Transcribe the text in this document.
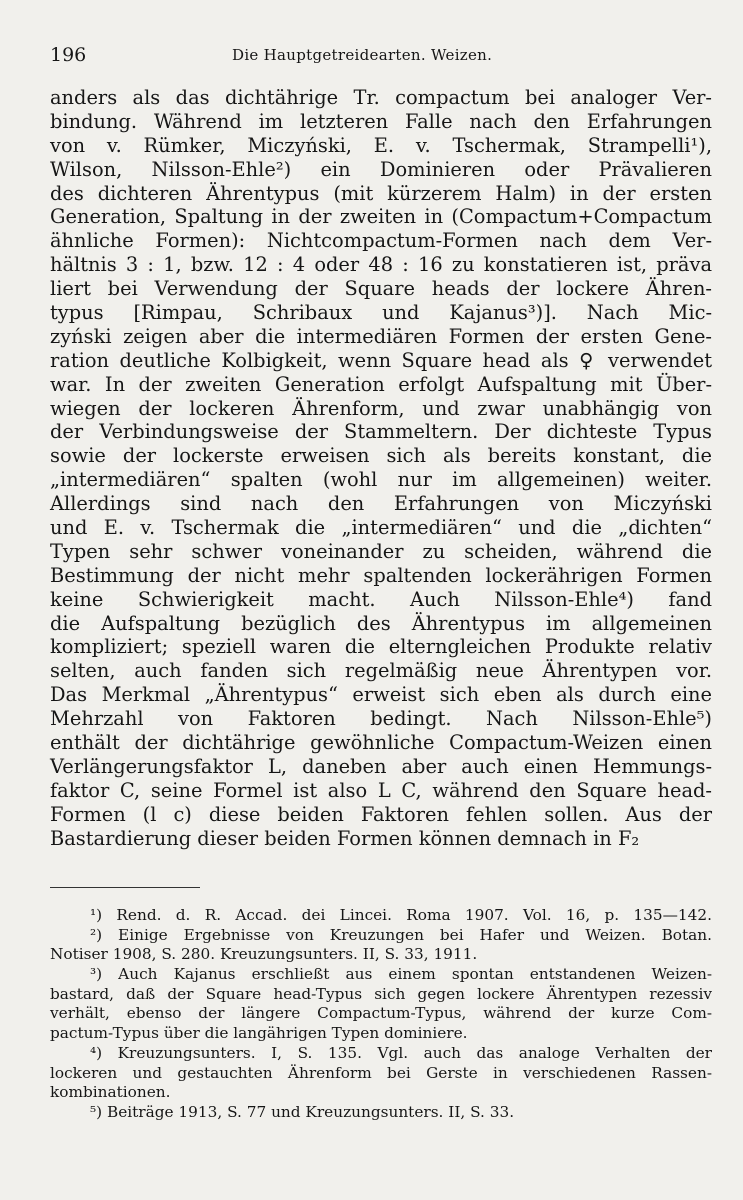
196	Die Hauptgetreidearten. Weizen.
anders als das dichtährige Tr. compactum bei analoger Ver-
bindung. Während im letzteren Falle nach den Erfahrungen
von v. Rümker, Miczyński, E. v. Tschermak, Strampelli¹),
Wilson, Nilsson-Ehle²) ein Dominieren oder Prävalieren
des dichteren Ährentypus (mit kürzerem Halm) in der ersten
Generation, Spaltung in der zweiten in (Compactum+Compactum
ähnliche Formen): Nichtcompactum-Formen nach dem Ver-
hältnis 3 : 1, bzw. 12 : 4 oder 48 : 16 zu konstatieren ist, präva
liert bei Verwendung der Square heads der lockere Ähren-
typus [Rimpau, Schribaux und Kajanus³)]. Nach Mic-
zyński zeigen aber die intermediären Formen der ersten Gene-
ration deutliche Kolbigkeit, wenn Square head als ♀ verwendet
war. In der zweiten Generation erfolgt Aufspaltung mit Über-
wiegen der lockeren Ährenform, und zwar unabhängig von
der Verbindungsweise der Stammeltern. Der dichteste Typus
sowie der lockerste erweisen sich als bereits konstant, die
„intermediären“ spalten (wohl nur im allgemeinen) weiter.
Allerdings sind nach den Erfahrungen von Miczyński
und E. v. Tschermak die „intermediären“ und die „dichten“
Typen sehr schwer voneinander zu scheiden, während die
Bestimmung der nicht mehr spaltenden lockerährigen Formen
keine Schwierigkeit macht. Auch Nilsson-Ehle⁴) fand
die Aufspaltung bezüglich des Ährentypus im allgemeinen
kompliziert; speziell waren die elterngleichen Produkte relativ
selten, auch fanden sich regelmäßig neue Ährentypen vor.
Das Merkmal „Ährentypus“ erweist sich eben als durch eine
Mehrzahl von Faktoren bedingt. Nach Nilsson-Ehle⁵)
enthält der dichtährige gewöhnliche Compactum-Weizen einen
Verlängerungsfaktor L, daneben aber auch einen Hemmungs-
faktor C, seine Formel ist also L C, während den Square head-
Formen (l c) diese beiden Faktoren fehlen sollen. Aus der
Bastardierung dieser beiden Formen können demnach in F₂
¹) Rend. d. R. Accad. dei Lincei. Roma 1907. Vol. 16, p. 135—142.
²) Einige Ergebnisse von Kreuzungen bei Hafer und Weizen. Botan.
Notiser 1908, S. 280. Kreuzungsunters. II, S. 33, 1911.
³) Auch Kajanus erschließt aus einem spontan entstandenen Weizen-
bastard, daß der Square head-Typus sich gegen lockere Ährentypen rezessiv
verhält, ebenso der längere Compactum-Typus, während der kurze Com-
pactum-Typus über die langährigen Typen dominiere.
⁴) Kreuzungsunters. I, S. 135. Vgl. auch das analoge Verhalten der
lockeren und gestauchten Ährenform bei Gerste in verschiedenen Rassen-
kombinationen.
⁵) Beiträge 1913, S. 77 und Kreuzungsunters. II, S. 33.
